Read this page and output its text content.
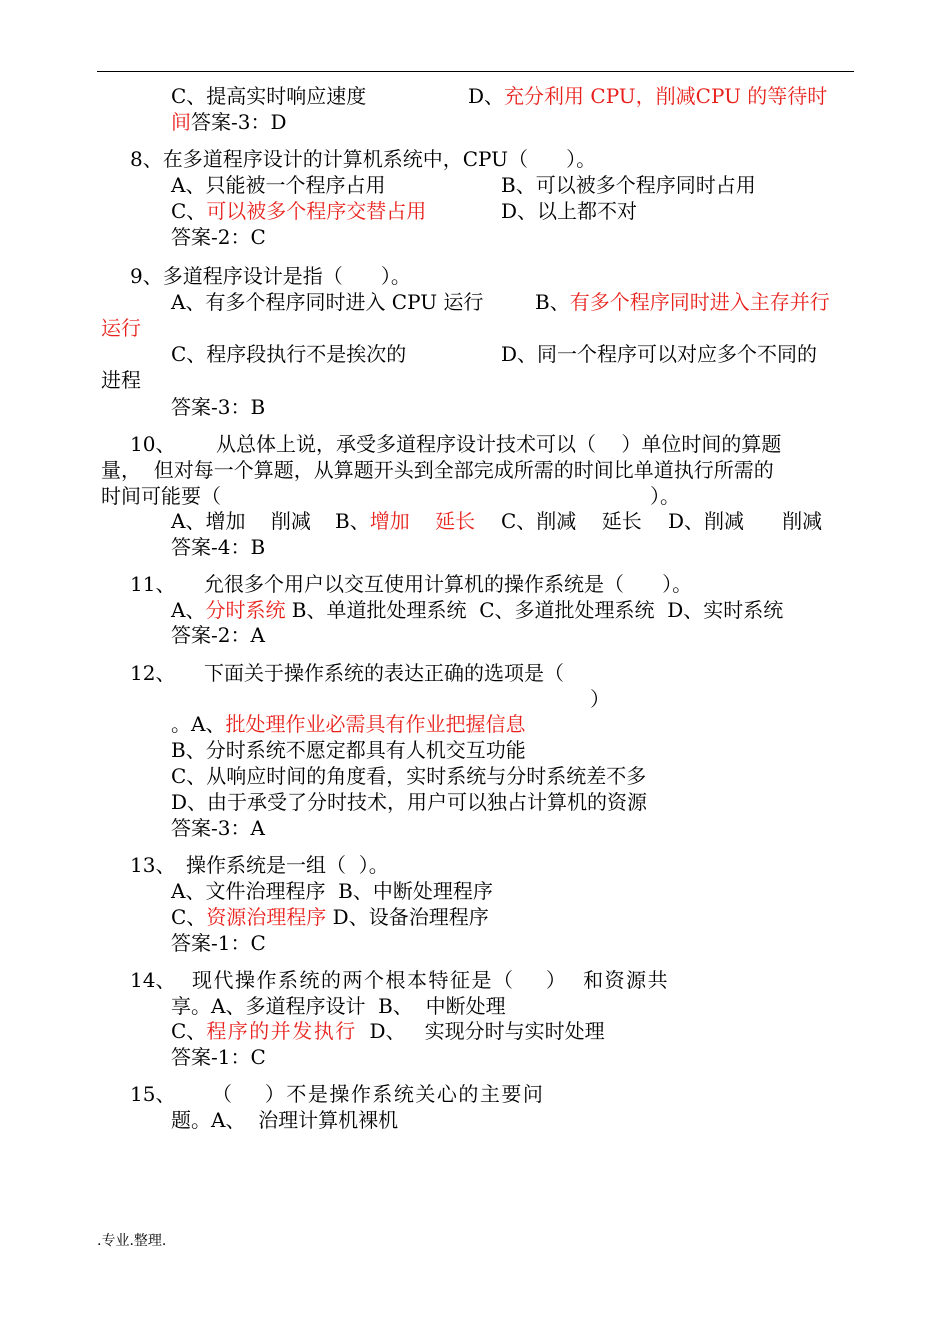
C、提高实时响应速度	D、充分利用 CPU，削减CPU 的等待时
间答案-3：D
8、在多道程序设计的计算机系统中，CPU（      ）。
A、只能被一个程序占用	B、可以被多个程序同时占用
C、可以被多个程序交替占用	D、以上都不对
答案-2：C
9、多道程序设计是指（      ）。
A、有多个程序同时进入 CPU 运行	B、有多个程序同时进入主存并行
运行
C、程序段执行不是挨次的	D、同一个程序可以对应多个不同的
进程
答案-3：B
10、 从总体上说，承受多道程序设计技术可以（    ）单位时间的算题
量，  但对每一个算题，从算题开头到全部完成所需的时间比单道执行所需的
时间可能要（	）。
A、增加    削减 B、增加    延长 C、削减    延长 D、削减      削减
答案-4：B
11、 允很多个用户以交互使用计算机的操作系统是（      ）。
A、分时系统 B、单道批处理系统  C、多道批处理系统  D、实时系统
答案-2：A
12、 下面关于操作系统的表达正确的选项是（
）
。A、批处理作业必需具有作业把握信息
B、分时系统不愿定都具有人机交互功能
C、从响应时间的角度看，实时系统与分时系统差不多
D、由于承受了分时技术，用户可以独占计算机的资源
答案-3：A
13、 操作系统是一组（  ）。
A、文件治理程序  B、中断处理程序
C、资源治理程序 D、设备治理程序
答案-1：C
14、 现代操作系统的两个根本特征是（    ）  和资源共
享。A、多道程序设计  B、  中断处理
C、程序的并发执行  D、   实现分时与实时处理
答案-1：C
15、 （    ）不是操作系统关心的主要问
题。A、  治理计算机裸机
.专业.整理.
